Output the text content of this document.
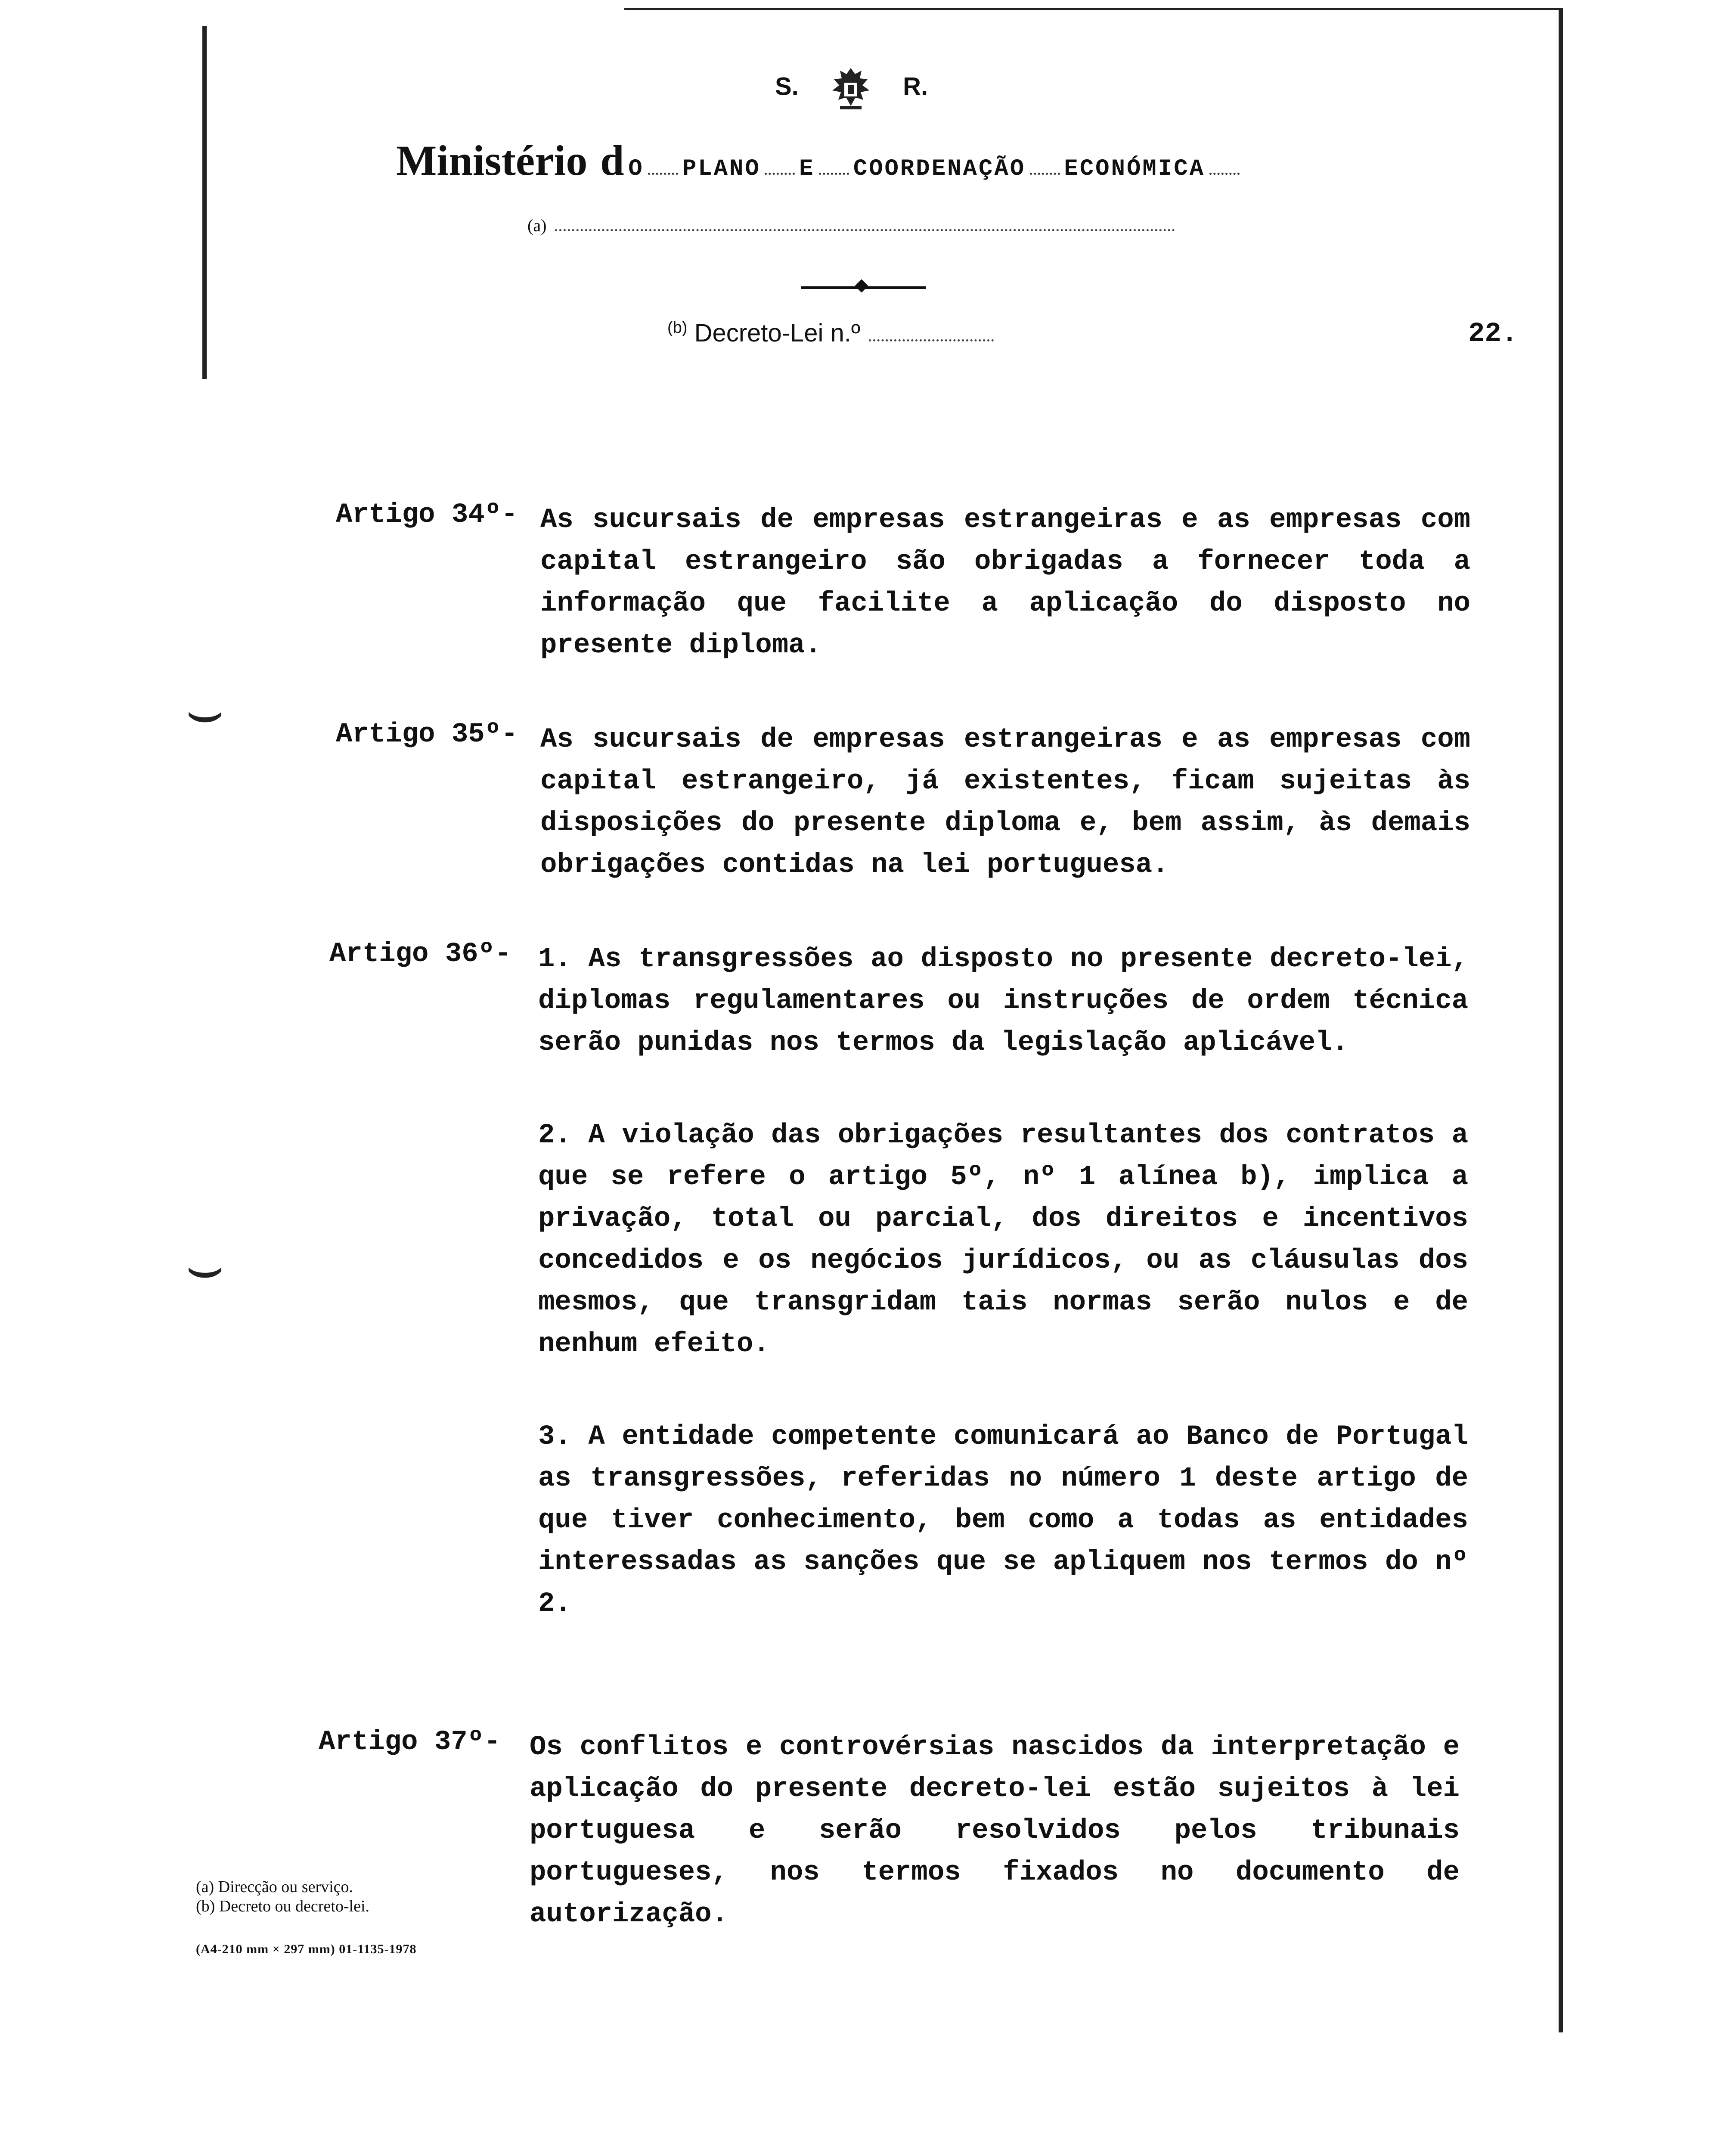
⌣
⌣
S.	R.
Ministério d O PLANO E COORDENAÇÃO ECONÓMICA
(a)
$^{(b)}$ Decreto-Lei n.º	22.
Artigo 34º- As sucursais de empresas estrangeiras e as empresas com capital estrangeiro são obrigadas a fornecer toda a informação que facilite a aplicação do disposto no presente diploma.

Artigo 35º- As sucursais de empresas estrangeiras e as empresas com capital estrangeiro, já existentes, ficam sujeitas às disposições do presente diploma e, bem assim, às demais obrigações contidas na lei portuguesa.

Artigo 36º- 1. As transgressões ao disposto no presente decreto-lei, diplomas regulamentares ou instruções de ordem técnica serão punidas nos termos da legislação aplicável.

2. A violação das obrigações resultantes dos contratos a que se refere o artigo 5º, nº 1 alínea b), implica a privação, total ou parcial, dos direitos e incentivos concedidos e os negócios jurídicos, ou as cláusulas dos mesmos, que transgridam tais normas serão nulos e de nenhum efeito.

3. A entidade competente comunicará ao Banco de Portugal as transgressões, referidas no número 1 deste artigo de que tiver conhecimento, bem como a todas as entidades interessadas as sanções que se apliquem nos termos do nº 2.

Artigo 37º- Os conflitos e controvérsias nascidos da interpretação e aplicação do presente decreto-lei estão sujeitos à lei portuguesa e serão resolvidos pelos tribunais portugueses, nos termos fixados no documento de autorização.

(a) Direcção ou serviço.
(b) Decreto ou decreto-lei.
(A4-210 mm × 297 mm) 01-1135-1978
